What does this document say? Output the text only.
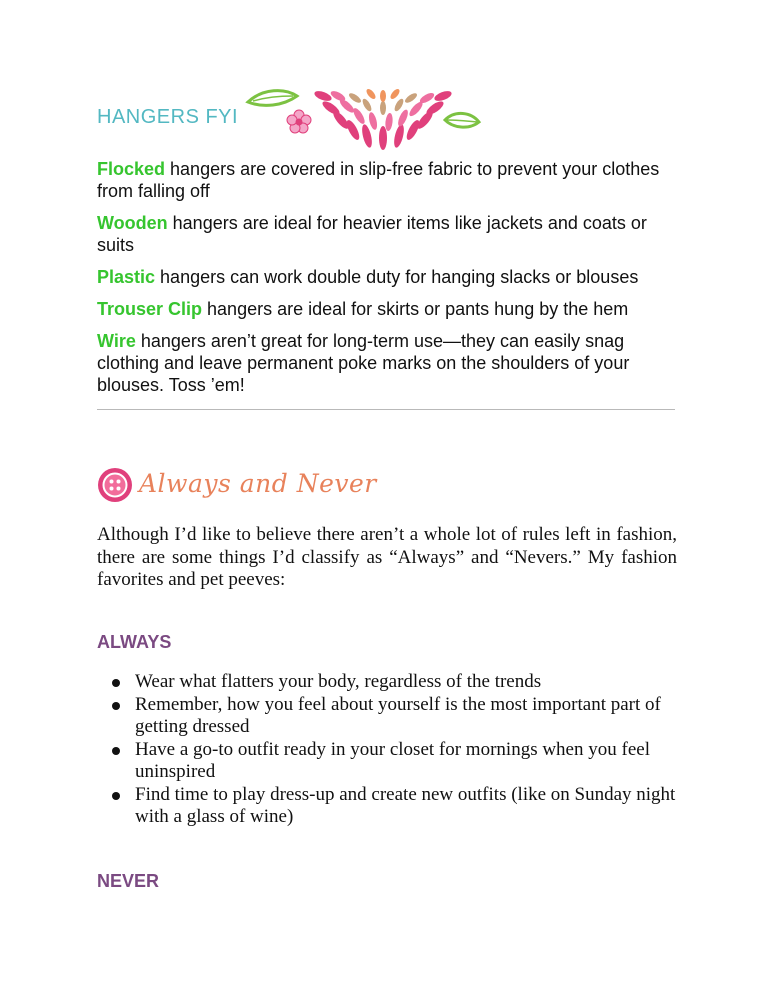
HANGERS FYI

Flocked hangers are covered in slip-free fabric to prevent your clothes from falling off

Wooden hangers are ideal for heavier items like jackets and coats or suits

Plastic hangers can work double duty for hanging slacks or blouses

Trouser Clip hangers are ideal for skirts or pants hung by the hem

Wire hangers aren’t great for long-term use—they can easily snag clothing and leave permanent poke marks on the shoulders of your blouses. Toss ’em!

Always and Never
Although I’d like to believe there aren’t a whole lot of rules left in fashion, there are some things I’d classify as “Always” and “Nevers.” My fashion favorites and pet peeves:
ALWAYS
Wear what flatters your body, regardless of the trends
Remember, how you feel about yourself is the most important part of getting dressed
Have a go-to outfit ready in your closet for mornings when you feel uninspired
Find time to play dress-up and create new outfits (like on Sunday night with a glass of wine)
NEVER
